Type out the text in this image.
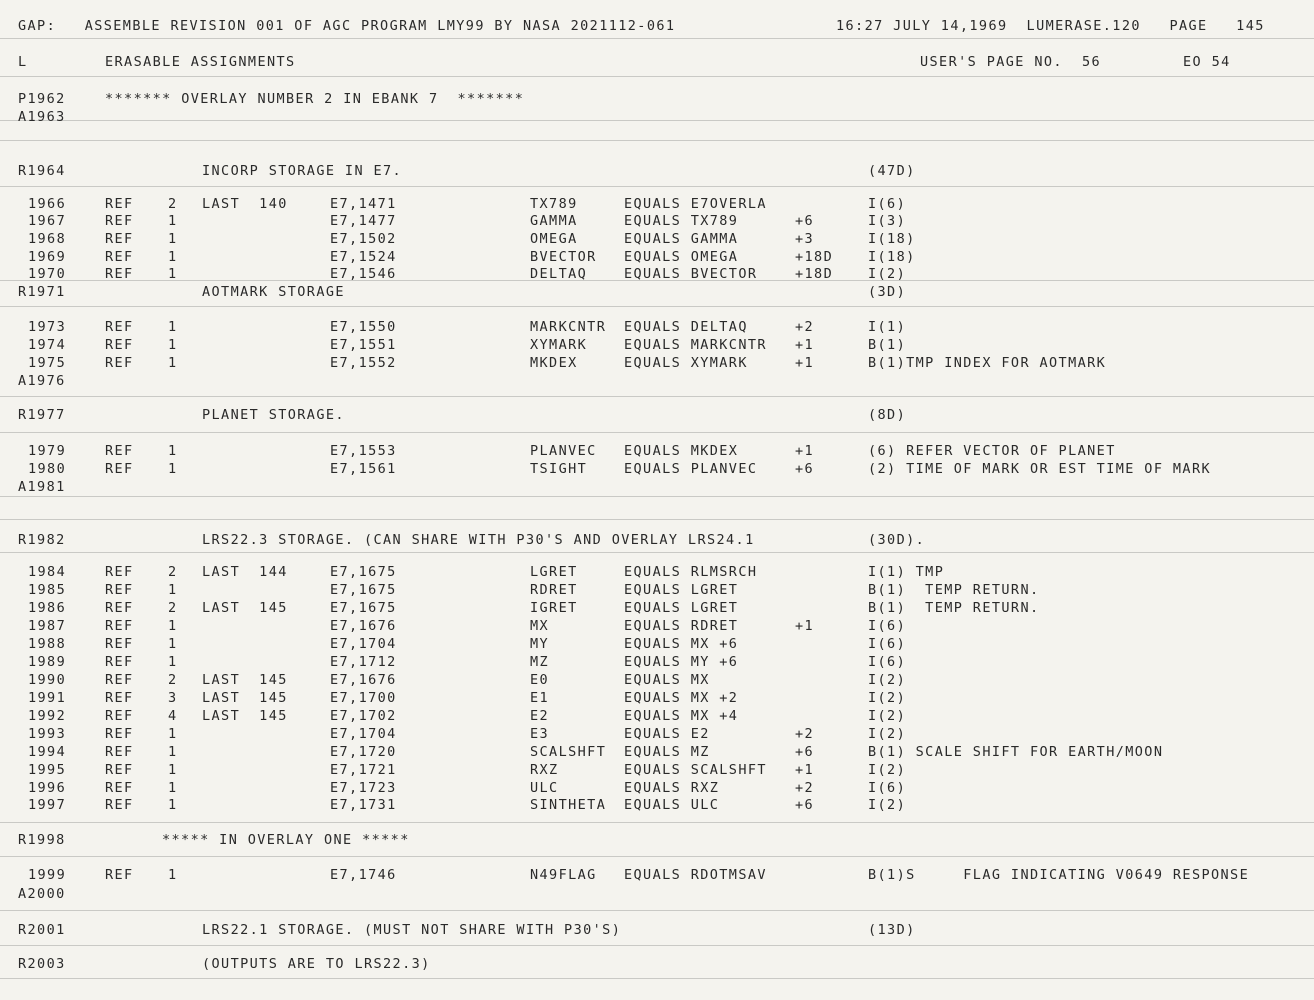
GAP:   ASSEMBLE REVISION 001 OF AGC PROGRAM LMY99 BY NASA 2021112-061	16:27 JULY 14,1969  LUMERASE.120   PAGE   145
L	ERASABLE ASSIGNMENTS	USER'S PAGE NO.  56	EO 54
P1962	******* OVERLAY NUMBER 2 IN EBANK 7  *******
A1963
R1964	INCORP STORAGE IN E7.	(47D)
1966	REF	2 LAST  140	E7,1471	TX789	EQUALS E7OVERLA	I(6)
1967	REF	1	E7,1477	GAMMA	EQUALS TX789	+6	I(3)
1968	REF	1	E7,1502	OMEGA	EQUALS GAMMA	+3	I(18)
1969	REF	1	E7,1524	BVECTOR EQUALS OMEGA	+18D	I(18)
1970	REF	1	E7,1546	DELTAQ	EQUALS BVECTOR	+18D	I(2)
R1971	AOTMARK STORAGE	(3D)
1973	REF	1	E7,1550	MARKCNTR EQUALS DELTAQ	+2	I(1)
1974	REF	1	E7,1551	XYMARK	EQUALS MARKCNTR +1	B(1)
1975	REF	1	E7,1552	MKDEX	EQUALS XYMARK	+1	B(1)TMP INDEX FOR AOTMARK
A1976
R1977	PLANET STORAGE.	(8D)
1979	REF	1	E7,1553	PLANVEC EQUALS MKDEX	+1	(6) REFER VECTOR OF PLANET
1980	REF	1	E7,1561	TSIGHT	EQUALS PLANVEC	+6	(2) TIME OF MARK OR EST TIME OF MARK
A1981
R1982	LRS22.3 STORAGE. (CAN SHARE WITH P30'S AND OVERLAY LRS24.1	(30D).
1984	REF	2 LAST  144	E7,1675	LGRET	EQUALS RLMSRCH	I(1) TMP
1985	REF	1	E7,1675	RDRET	EQUALS LGRET	B(1)  TEMP RETURN.
1986	REF	2 LAST  145	E7,1675	IGRET	EQUALS LGRET	B(1)  TEMP RETURN.
1987	REF	1	E7,1676	MX	EQUALS RDRET	+1	I(6)
1988	REF	1	E7,1704	MY	EQUALS MX +6	I(6)
1989	REF	1	E7,1712	MZ	EQUALS MY +6	I(6)
1990	REF	2 LAST  145	E7,1676	E0	EQUALS MX	I(2)
1991	REF	3 LAST  145	E7,1700	E1	EQUALS MX +2	I(2)
1992	REF	4 LAST  145	E7,1702	E2	EQUALS MX +4	I(2)
1993	REF	1	E7,1704	E3	EQUALS E2	+2	I(2)
1994	REF	1	E7,1720	SCALSHFT EQUALS MZ	+6	B(1) SCALE SHIFT FOR EARTH/MOON
1995	REF	1	E7,1721	RXZ	EQUALS SCALSHFT +1	I(2)
1996	REF	1	E7,1723	ULC	EQUALS RXZ	+2	I(6)
1997	REF	1	E7,1731	SINTHETA EQUALS ULC	+6	I(2)
R1998	***** IN OVERLAY ONE *****
1999	REF	1	E7,1746	N49FLAG EQUALS RDOTMSAV	B(1)S     FLAG INDICATING V0649 RESPONSE
A2000
R2001	LRS22.1 STORAGE. (MUST NOT SHARE WITH P30'S)	(13D)
R2003	(OUTPUTS ARE TO LRS22.3)
